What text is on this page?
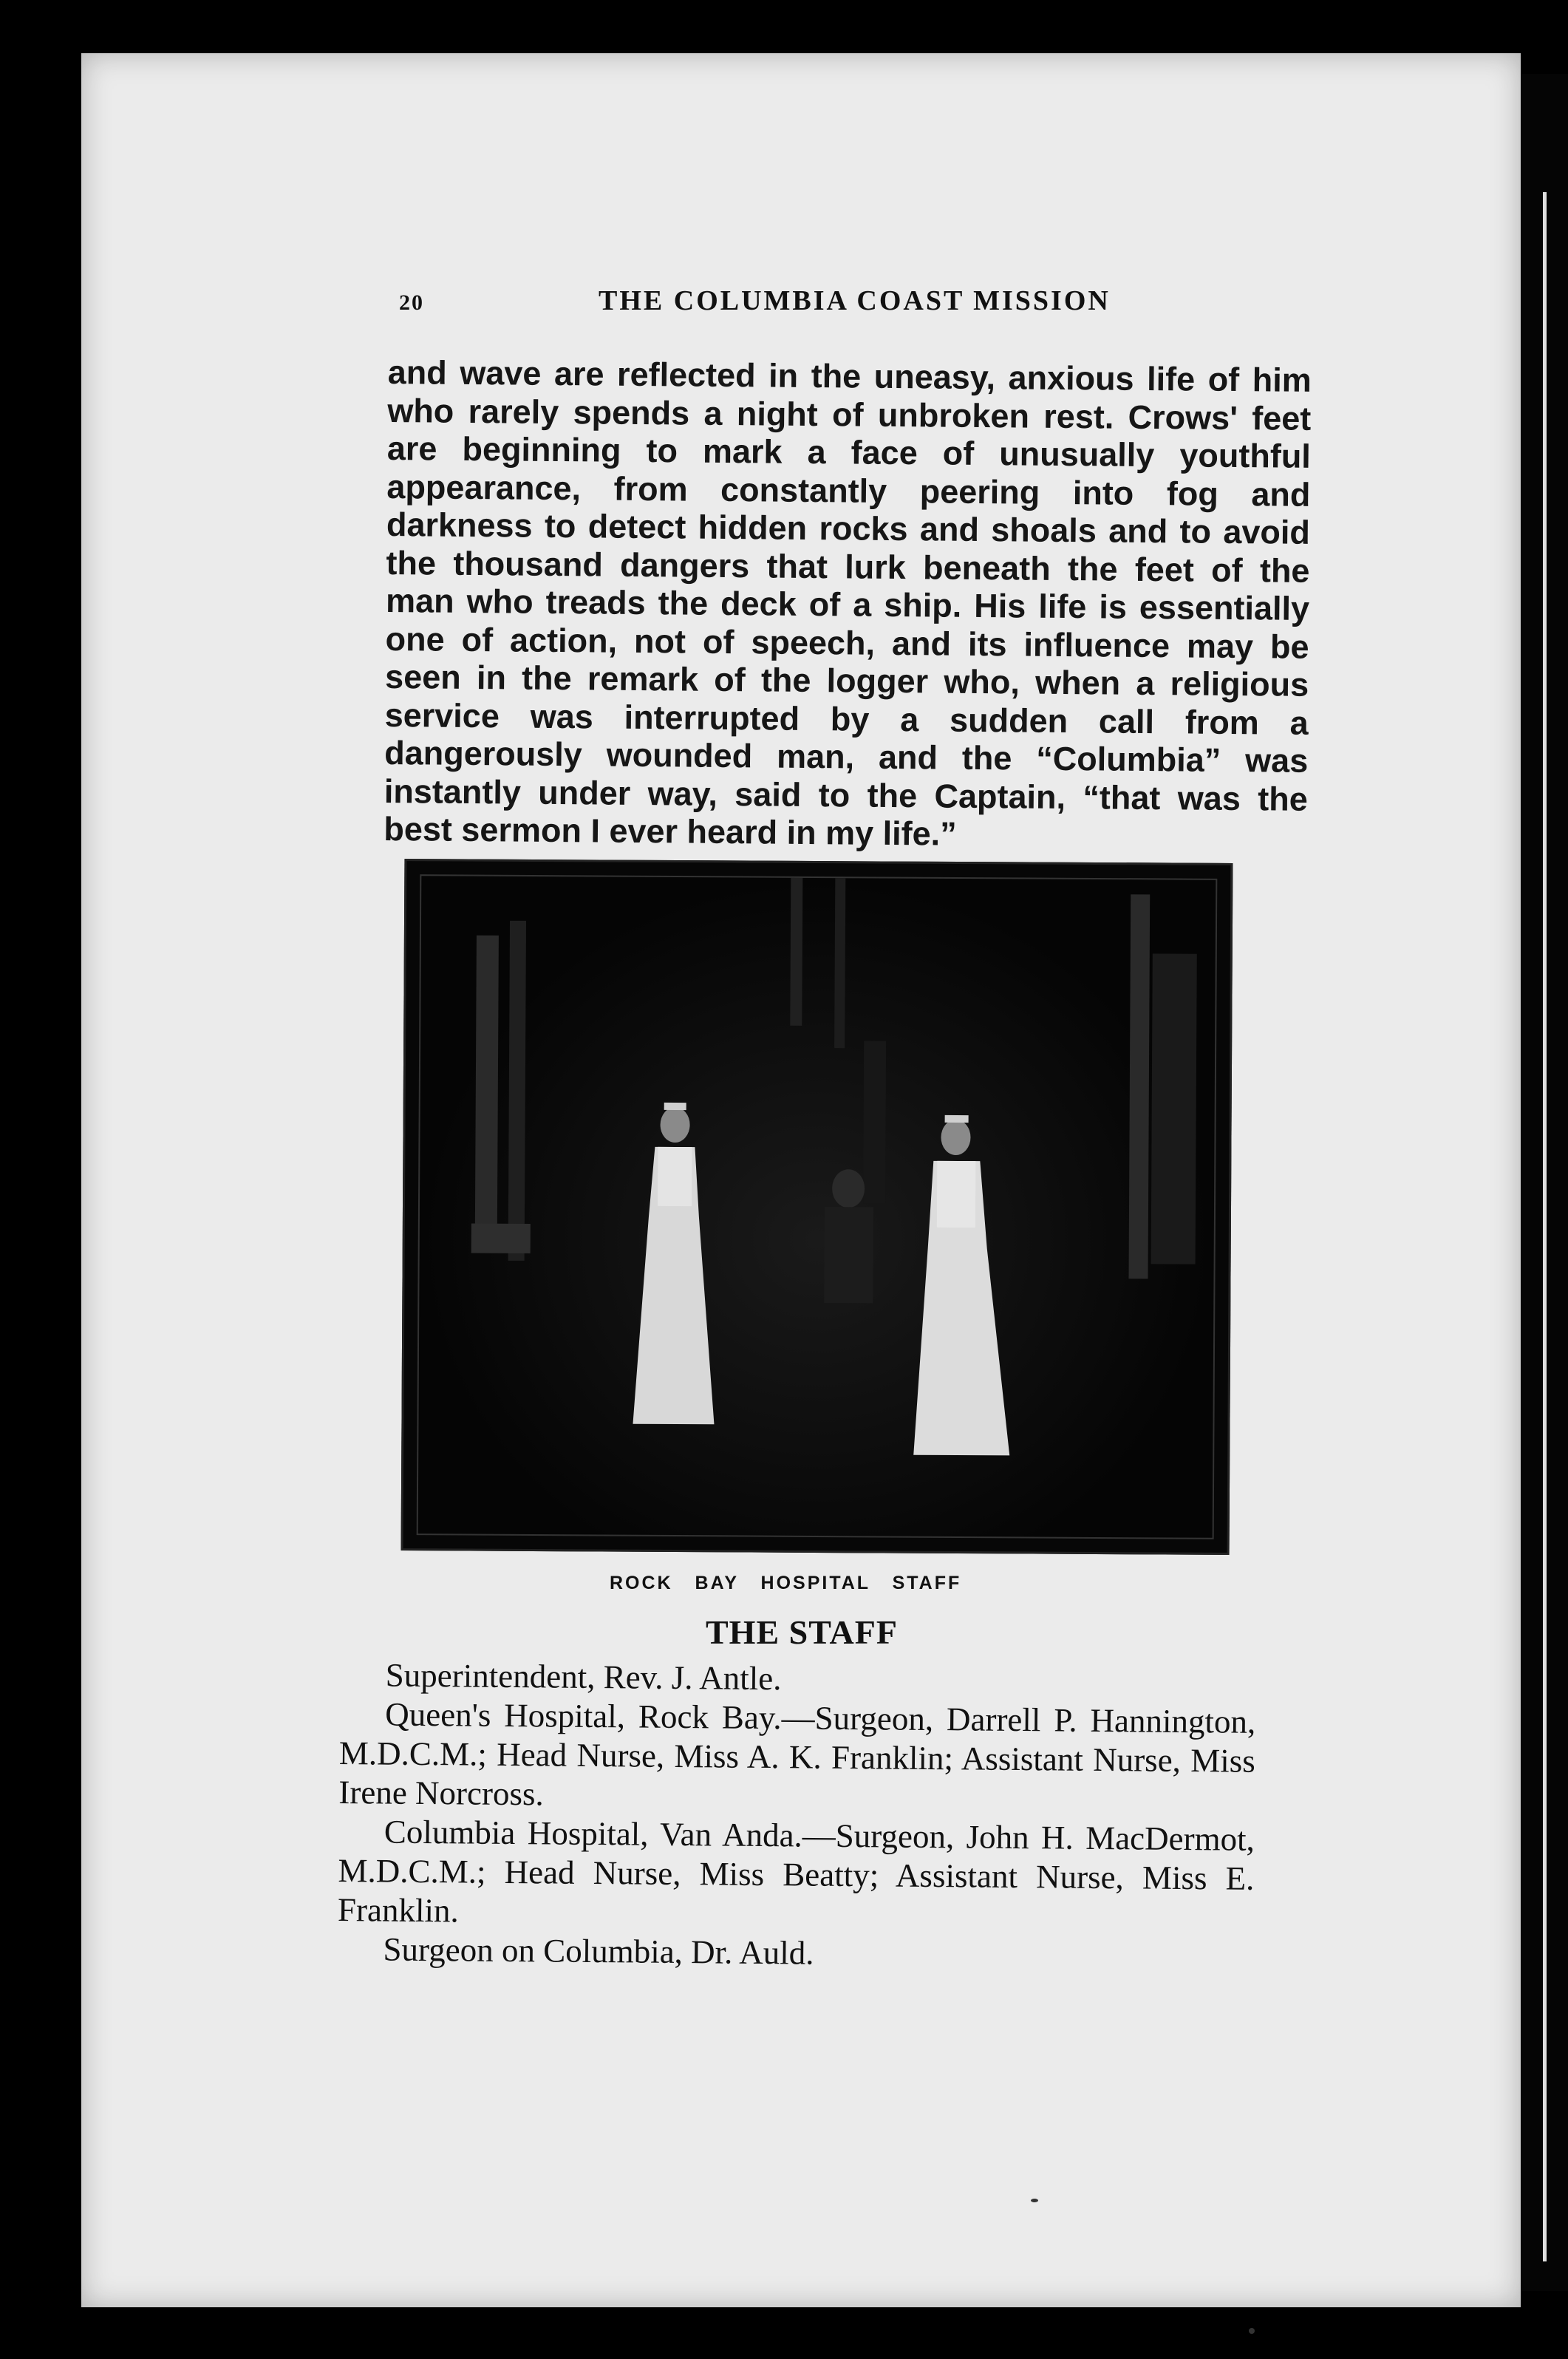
20	THE COLUMBIA COAST MISSION
and wave are reflected in the uneasy, anxious life of him who rarely spends a night of unbroken rest. Crows' feet are beginning to mark a face of unusually youthful appearance, from constantly peering into fog and darkness to detect hidden rocks and shoals and to avoid the thousand dangers that lurk beneath the feet of the man who treads the deck of a ship. His life is essentially one of action, not of speech, and its influence may be seen in the remark of the logger who, when a religious service was interrupted by a sudden call from a dangerously wounded man, and the “Columbia” was instantly under way, said to the Captain, “that was the best sermon I ever heard in my life.”
ROCK BAY HOSPITAL STAFF
THE STAFF

Superintendent, Rev. J. Antle.

Queen's Hospital, Rock Bay.—Surgeon, Darrell P. Hannington, M.D.C.M.; Head Nurse, Miss A. K. Franklin; Assistant Nurse, Miss Irene Norcross.

Columbia Hospital, Van Anda.—Surgeon, John H. MacDermot, M.D.C.M.; Head Nurse, Miss Beatty; Assistant Nurse, Miss E. Franklin.

Surgeon on Columbia, Dr. Auld.
